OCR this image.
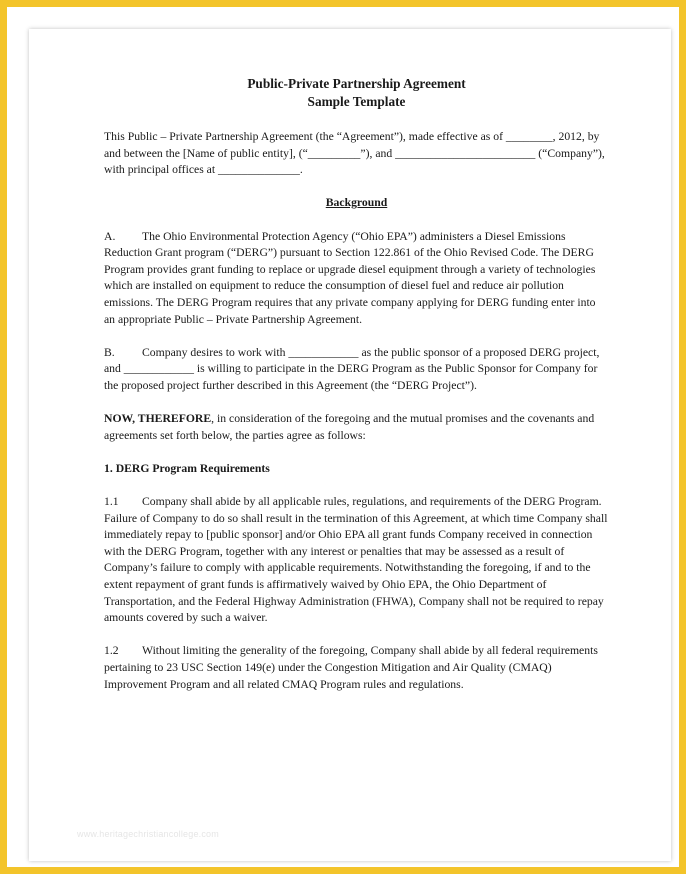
Public-Private Partnership Agreement
Sample Template

This Public – Private Partnership Agreement (the “Agreement”), made effective as of ________, 2012, by and between the [Name of public entity], (“_________”), and ________________________ (“Company”), with principal offices at ______________.

Background

A. The Ohio Environmental Protection Agency (“Ohio EPA”) administers a Diesel Emissions Reduction Grant program (“DERG”) pursuant to Section 122.861 of the Ohio Revised Code. The DERG Program provides grant funding to replace or upgrade diesel equipment through a variety of technologies which are installed on equipment to reduce the consumption of diesel fuel and reduce air pollution emissions. The DERG Program requires that any private company applying for DERG funding enter into an appropriate Public – Private Partnership Agreement.

B. Company desires to work with ____________ as the public sponsor of a proposed DERG project, and ____________ is willing to participate in the DERG Program as the Public Sponsor for Company for the proposed project further described in this Agreement (the “DERG Project”).

NOW, THEREFORE, in consideration of the foregoing and the mutual promises and the covenants and agreements set forth below, the parties agree as follows:

1. DERG Program Requirements

1.1 Company shall abide by all applicable rules, regulations, and requirements of the DERG Program. Failure of Company to do so shall result in the termination of this Agreement, at which time Company shall immediately repay to [public sponsor] and/or Ohio EPA all grant funds Company received in connection with the DERG Program, together with any interest or penalties that may be assessed as a result of Company’s failure to comply with applicable requirements. Notwithstanding the foregoing, if and to the extent repayment of grant funds is affirmatively waived by Ohio EPA, the Ohio Department of Transportation, and the Federal Highway Administration (FHWA), Company shall not be required to repay amounts covered by such a waiver.

1.2 Without limiting the generality of the foregoing, Company shall abide by all federal requirements pertaining to 23 USC Section 149(e) under the Congestion Mitigation and Air Quality (CMAQ) Improvement Program and all related CMAQ Program rules and regulations.

www.heritagechristiancollege.com
